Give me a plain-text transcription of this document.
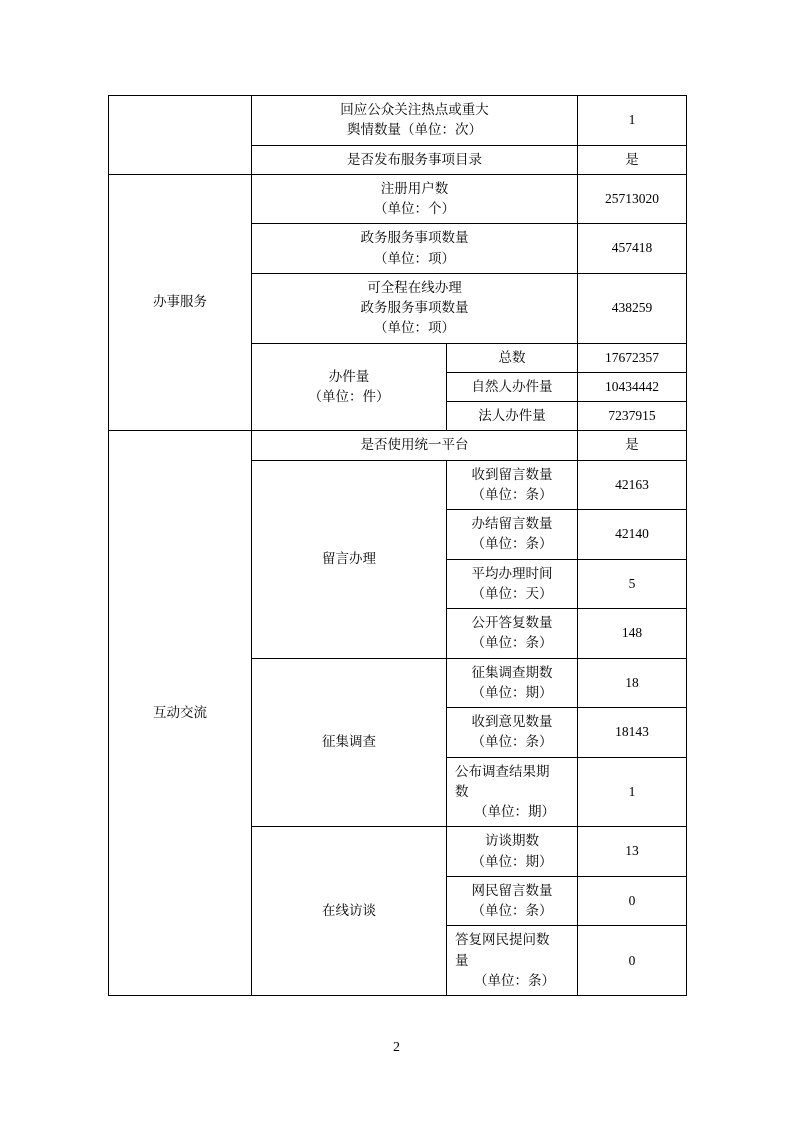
	回应公众关注热点或重大
舆情数量（单位：次）		1
	是否发布服务事项目录		是
办事服务	注册用户数
（单位：个）		25713020

	政务服务事项数量
（单位：项）		457418

	可全程在线办理
政务服务事项数量
（单位：项）		438259

	办件量
（单位：件）	总数	17672357
		自然人办件量	10434442
		法人办件量	7237915
互动交流	是否使用统一平台		是
	留言办理	收到留言数量
（单位：条）	42163

		办结留言数量
（单位：条）	42140

		平均办理时间
（单位：天）	5

		公开答复数量
（单位：条）	148
	征集调查	征集调查期数
（单位：期）	18

		收到意见数量
（单位：条）	18143

		公布调查结果期
数
（单位：期）	1
	在线访谈	访谈期数
（单位：期）	13

		网民留言数量
（单位：条）	0

		答复网民提问数
量
（单位：条）	0
2
